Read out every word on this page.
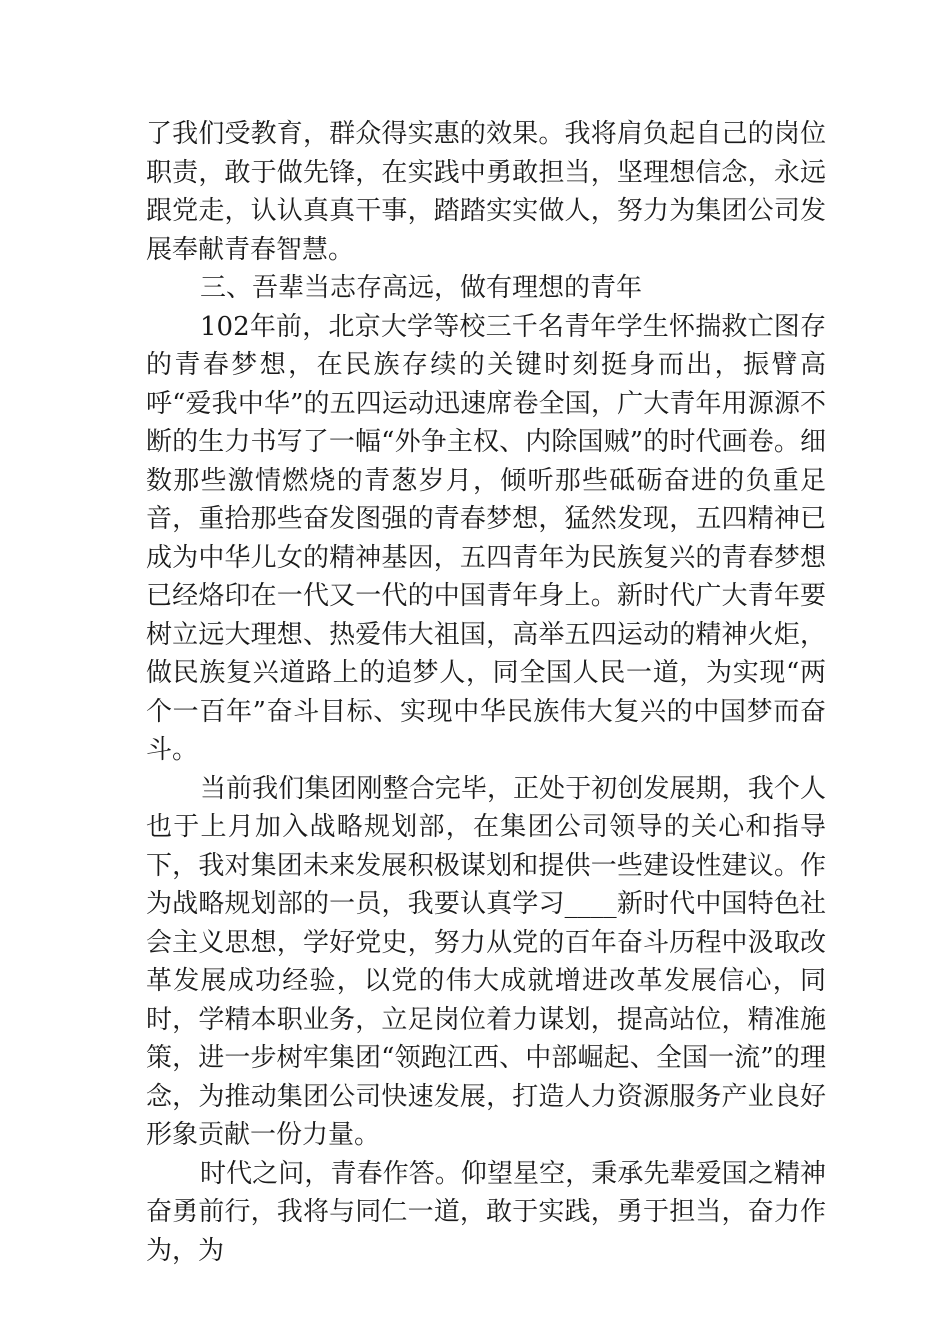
了我们受教育，群众得实惠的效果。我将肩负起自己的岗位职责，敢于做先锋，在实践中勇敢担当，坚理想信念，永远跟党走，认认真真干事，踏踏实实做人，努力为集团公司发展奉献青春智慧。

三、吾辈当志存高远，做有理想的青年

102年前，北京大学等校三千名青年学生怀揣救亡图存的青春梦想，在民族存续的关键时刻挺身而出，振臂高呼“爱我中华”的五四运动迅速席卷全国，广大青年用源源不断的生力书写了一幅“外争主权、内除国贼”的时代画卷。细数那些激情燃烧的青葱岁月，倾听那些砥砺奋进的负重足音，重拾那些奋发图强的青春梦想，猛然发现，五四精神已成为中华儿女的精神基因，五四青年为民族复兴的青春梦想已经烙印在一代又一代的中国青年身上。新时代广大青年要树立远大理想、热爱伟大祖国，高举五四运动的精神火炬，做民族复兴道路上的追梦人，同全国人民一道，为实现“两个一百年”奋斗目标、实现中华民族伟大复兴的中国梦而奋斗。

当前我们集团刚整合完毕，正处于初创发展期，我个人也于上月加入战略规划部，在集团公司领导的关心和指导下，我对集团未来发展积极谋划和提供一些建设性建议。作为战略规划部的一员，我要认真学习____新时代中国特色社会主义思想，学好党史，努力从党的百年奋斗历程中汲取改革发展成功经验，以党的伟大成就增进改革发展信心，同时，学精本职业务，立足岗位着力谋划，提高站位，精准施策，进一步树牢集团“领跑江西、中部崛起、全国一流”的理念，为推动集团公司快速发展，打造人力资源服务产业良好形象贡献一份力量。

时代之问，青春作答。仰望星空，秉承先辈爱国之精神奋勇前行，我将与同仁一道，敢于实践，勇于担当，奋力作为，为
